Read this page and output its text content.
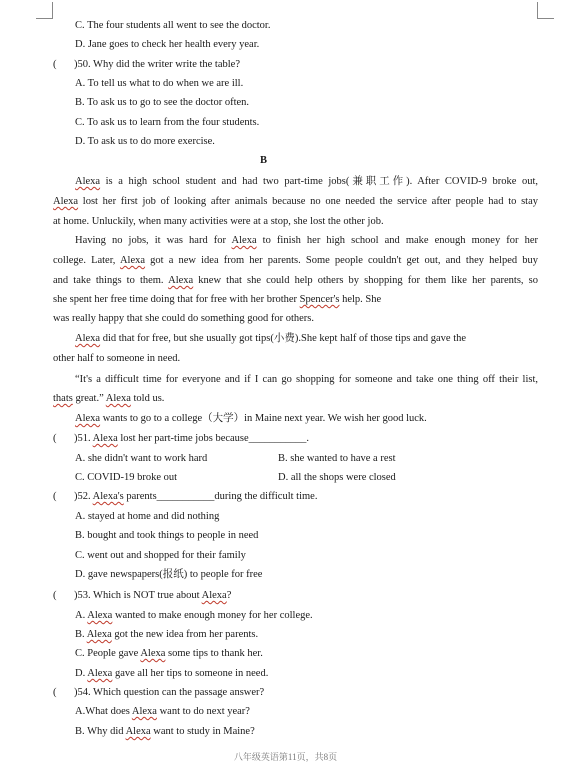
C. The four students all went to see the doctor.
D. Jane goes to check her health every year.
( )50. Why did the writer write the table?
A. To tell us what to do when we are ill.
B. To ask us to go to see the doctor often.
C. To ask us to learn from the four students.
D. To ask us to do more exercise.
B
Alexa is a high school student and had two part-time jobs(兼职工作). After COVID-9 broke out,
Alexa lost her first job of looking after animals because no one needed the service after people had to stay
at home. Unluckily, when many activities were at a stop, she lost the other job.
Having no jobs, it was hard for Alexa to finish her high school and make enough money for her
college. Later, Alexa got a new idea from her parents. Some people couldn't get out, and they helped buy
and take things to them. Alexa knew that she could help others by shopping for them like her parents, so
she spent her free time doing that for free with her brother Spencer's help. She
was really happy that she could do something good for others.
Alexa did that for free, but she usually got tips(小费).She kept half of those tips and gave the
other half to someone in need.
“It's a difficult time for everyone and if I can go shopping for someone and take one thing off their list,
thats great.” Alexa told us.
Alexa wants to go to a college（大学）in Maine next year. We wish her good luck.
( )51. Alexa lost her part-time jobs because___________.
A. she didn't want to work hard	B. she wanted to have a rest
C. COVID-19 broke out	D. all the shops were closed
( )52. Alexa's parents___________during the difficult time.
A. stayed at home and did nothing
B. bought and took things to people in need
C. went out and shopped for their family
D. gave newspapers(报纸) to people for free
( )53. Which is NOT true about Alexa?
A. Alexa wanted to make enough money for her college.
B. Alexa got the new idea from her parents.
C. People gave Alexa some tips to thank her.
D. Alexa gave all her tips to someone in need.
( )54. Which question can the passage answer?
A.What does Alexa want to do next year?
B. Why did Alexa want to study in Maine?
八年级英语第11页，共8页
